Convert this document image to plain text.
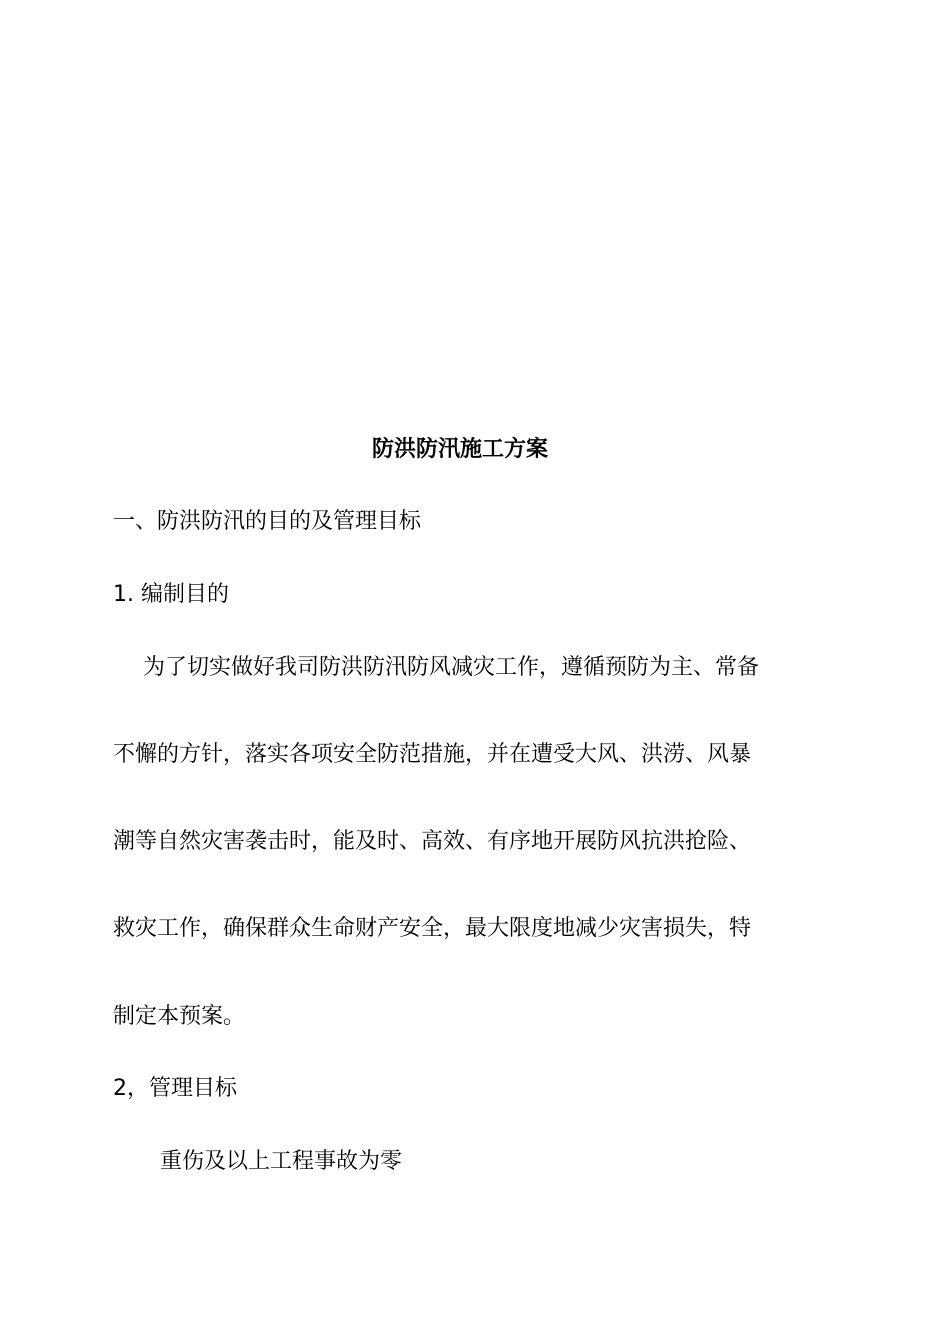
防洪防汛施工方案
一、防洪防汛的目的及管理目标
1. 编制目的
为了切实做好我司防洪防汛防风减灾工作，遵循预防为主、常备
不懈的方针，落实各项安全防范措施，并在遭受大风、洪涝、风暴
潮等自然灾害袭击时，能及时、高效、有序地开展防风抗洪抢险、
救灾工作，确保群众生命财产安全，最大限度地减少灾害损失，特
制定本预案。
2，管理目标
重伤及以上工程事故为零
